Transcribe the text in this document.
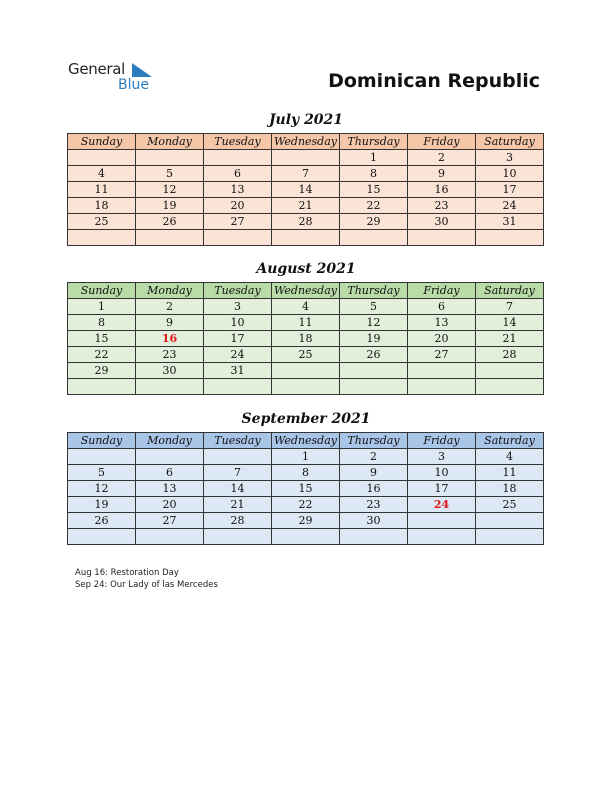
General
Blue	Dominican Republic
July 2021
Sunday	Monday	Tuesday	Wednesday	Thursday	Friday	Saturday
				1	2	3
4	5	6	7	8	9	10
11	12	13	14	15	16	17
18	19	20	21	22	23	24
25	26	27	28	29	30	31

August 2021
Sunday	Monday	Tuesday	Wednesday	Thursday	Friday	Saturday
1	2	3	4	5	6	7
8	9	10	11	12	13	14
15	16	17	18	19	20	21
22	23	24	25	26	27	28
29	30	31				

September 2021
Sunday	Monday	Tuesday	Wednesday	Thursday	Friday	Saturday
			1	2	3	4
5	6	7	8	9	10	11
12	13	14	15	16	17	18
19	20	21	22	23	24	25
26	27	28	29	30		

Aug 16: Restoration Day
Sep 24: Our Lady of las Mercedes
